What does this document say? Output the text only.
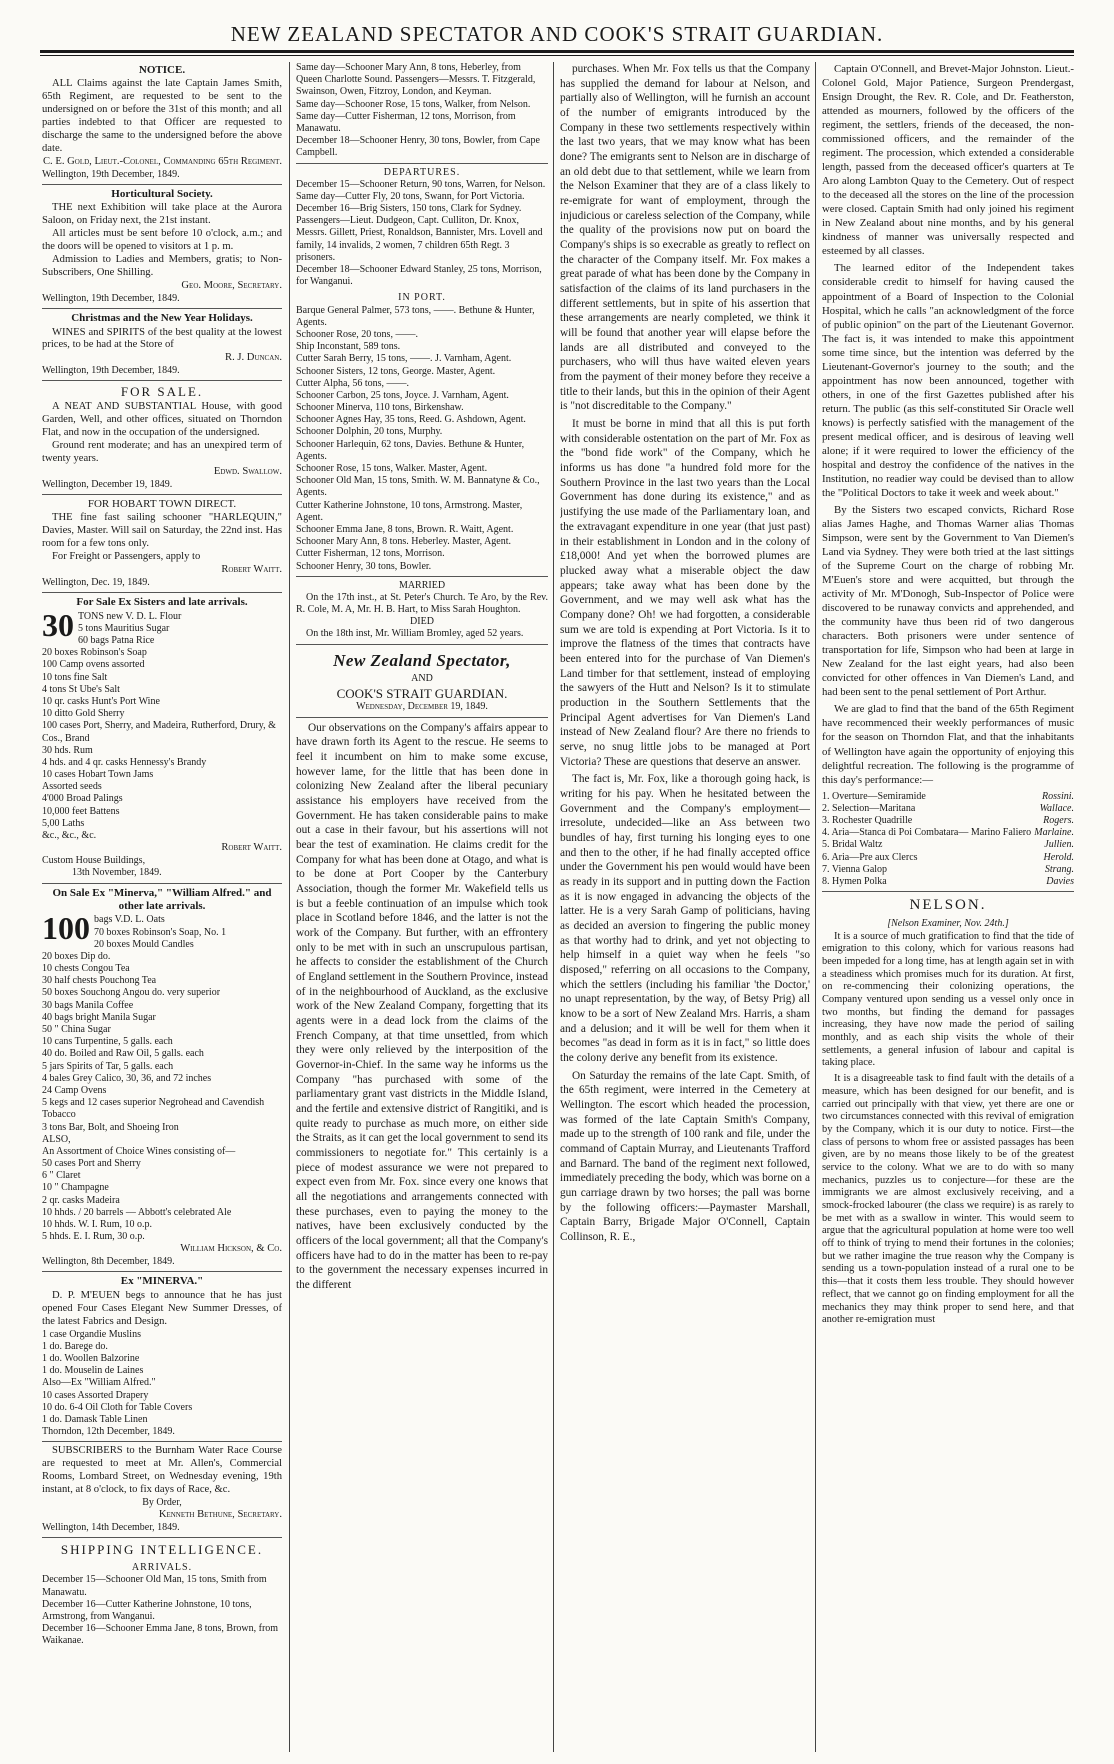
NEW ZEALAND SPECTATOR AND COOK'S STRAIT GUARDIAN.
NOTICE.

ALL Claims against the late Captain James Smith, 65th Regiment, are requested to be sent to the undersigned on or before the 31st of this month; and all parties indebted to that Officer are requested to discharge the same to the undersigned before the above date.

C. E. Gold, Lieut.-Colonel, Commanding 65th Regiment.
Wellington, 19th December, 1849.
Horticultural Society.

THE next Exhibition will take place at the Aurora Saloon, on Friday next, the 21st instant.

All articles must be sent before 10 o'clock, a.m.; and the doors will be opened to visitors at 1 p. m.

Admission to Ladies and Members, gratis; to Non-Subscribers, One Shilling.

Geo. Moore, Secretary.
Wellington, 19th December, 1849.
Christmas and the New Year Holidays.

WINES and SPIRITS of the best quality at the lowest prices, to be had at the Store of

R. J. Duncan.
Wellington, 19th December, 1849.
FOR SALE.

A NEAT AND SUBSTANTIAL House, with good Garden, Well, and other offices, situated on Thorndon Flat, and now in the occupation of the undersigned.

Ground rent moderate; and has an unexpired term of twenty years.

Edwd. Swallow.
Wellington, December 19, 1849.
FOR HOBART TOWN DIRECT.

THE fine fast sailing schooner "HARLEQUIN," Davies, Master. Will sail on Saturday, the 22nd inst. Has room for a few tons only.

For Freight or Passengers, apply to

Robert Waitt.
Wellington, Dec. 19, 1849.
For Sale Ex Sisters and late arrivals.
30 TONS new V. D. L. Flour
5 tons Mauritius Sugar
60 bags Patna Rice
20 boxes Robinson's Soap
100 Camp ovens assorted
10 tons fine Salt
4 tons St Ube's Salt
10 qr. casks Hunt's Port Wine
10 ditto Gold Sherry
100 cases Port, Sherry, and Madeira, Rutherford, Drury, & Cos., Brand
30 hds. Rum
4 hds. and 4 qr. casks Hennessy's Brandy
10 cases Hobart Town Jams
Assorted seeds
4'000 Broad Palings
10,000 feet Battens
5,00 Laths
&c., &c., &c.
Robert Waitt.
Custom House Buildings,
13th November, 1849.
On Sale Ex "Minerva," "William Alfred." and other late arrivals.
100 bags V.D. L. Oats
70 boxes Robinson's Soap, No. 1
20 boxes Mould Candles
20 boxes Dip do.
10 chests Congou Tea
30 half chests Pouchong Tea
50 boxes Souchong Angou do. very superior
30 bags Manila Coffee
40 bags bright Manila Sugar
50 " China Sugar
10 cans Turpentine, 5 galls. each
40 do. Boiled and Raw Oil, 5 galls. each
5 jars Spirits of Tar, 5 galls. each
4 bales Grey Calico, 30, 36, and 72 inches
24 Camp Ovens
5 kegs and 12 cases superior Negrohead and Cavendish Tobacco
3 tons Bar, Bolt, and Shoeing Iron
ALSO,
An Assortment of Choice Wines consisting of—
50 cases Port and Sherry
6 " Claret
10 " Champagne
2 qr. casks Madeira
10 hhds. / 20 barrels — Abbott's celebrated Ale
10 hhds. W. I. Rum, 10 o.p.
5 hhds. E. I. Rum, 30 o.p.
William Hickson, & Co.
Wellington, 8th December, 1849.
Ex "MINERVA."

D. P. M'EUEN begs to announce that he has just opened Four Cases Elegant New Summer Dresses, of the latest Fabrics and Design.

1 case Organdie Muslins
1 do. Barege do.
1 do. Woollen Balzorine
1 do. Mouselin de Laines
Also—Ex "William Alfred."
10 cases Assorted Drapery
10 do. 6-4 Oil Cloth for Table Covers
1 do. Damask Table Linen
Thorndon, 12th December, 1849.

SUBSCRIBERS to the Burnham Water Race Course are requested to meet at Mr. Allen's, Commercial Rooms, Lombard Street, on Wednesday evening, 19th instant, at 8 o'clock, to fix days of Race, &c.

By Order,
Kenneth Bethune, Secretary.
Wellington, 14th December, 1849.
SHIPPING INTELLIGENCE.
ARRIVALS.
December 15—Schooner Old Man, 15 tons, Smith from Manawatu.
December 16—Cutter Katherine Johnstone, 10 tons, Armstrong, from Wanganui.
December 16—Schooner Emma Jane, 8 tons, Brown, from Waikanae.
Same day—Schooner Mary Ann, 8 tons, Heberley, from Queen Charlotte Sound. Passengers—Messrs. T. Fitzgerald, Swainson, Owen, Fitzroy, London, and Keyman.
Same day—Schooner Rose, 15 tons, Walker, from Nelson.
Same day—Cutter Fisherman, 12 tons, Morrison, from Manawatu.
December 18—Schooner Henry, 30 tons, Bowler, from Cape Campbell.
DEPARTURES.
December 15—Schooner Return, 90 tons, Warren, for Nelson.
Same day—Cutter Fly, 20 tons, Swann, for Port Victoria.
December 16—Brig Sisters, 150 tons, Clark for Sydney. Passengers—Lieut. Dudgeon, Capt. Culliton, Dr. Knox, Messrs. Gillett, Priest, Ronaldson, Bannister, Mrs. Lovell and family, 14 invalids, 2 women, 7 children 65th Regt. 3 prisoners.
December 18—Schooner Edward Stanley, 25 tons, Morrison, for Wanganui.
IN PORT.
Barque General Palmer, 573 tons, ——. Bethune & Hunter, Agents.
Schooner Rose, 20 tons, ——.
Ship Inconstant, 589 tons.
Cutter Sarah Berry, 15 tons, ——. J. Varnham, Agent.
Schooner Sisters, 12 tons, George. Master, Agent.
Cutter Alpha, 56 tons, ——.
Schooner Carbon, 25 tons, Joyce. J. Varnham, Agent.
Schooner Minerva, 110 tons, Birkenshaw.
Schooner Agnes Hay, 35 tons, Reed. G. Ashdown, Agent.
Schooner Dolphin, 20 tons, Murphy.
Schooner Harlequin, 62 tons, Davies. Bethune & Hunter, Agents.
Schooner Rose, 15 tons, Walker. Master, Agent.
Schooner Old Man, 15 tons, Smith. W. M. Bannatyne & Co., Agents.
Cutter Katherine Johnstone, 10 tons, Armstrong. Master, Agent.
Schooner Emma Jane, 8 tons, Brown. R. Waitt, Agent.
Schooner Mary Ann, 8 tons. Heberley. Master, Agent.
Cutter Fisherman, 12 tons, Morrison.
Schooner Henry, 30 tons, Bowler.
MARRIED

On the 17th inst., at St. Peter's Church. Te Aro, by the Rev. R. Cole, M. A, Mr. H. B. Hart, to Miss Sarah Houghton.

DIED

On the 18th inst, Mr. William Bromley, aged 52 years.

New Zealand Spectator,
AND
COOK'S STRAIT GUARDIAN.
Wednesday, December 19, 1849.

Our observations on the Company's affairs appear to have drawn forth its Agent to the rescue. He seems to feel it incumbent on him to make some excuse, however lame, for the little that has been done in colonizing New Zealand after the liberal pecuniary assistance his employers have received from the Government. He has taken considerable pains to make out a case in their favour, but his assertions will not bear the test of examination. He claims credit for the Company for what has been done at Otago, and what is to be done at Port Cooper by the Canterbury Association, though the former Mr. Wakefield tells us is but a feeble continuation of an impulse which took place in Scotland before 1846, and the latter is not the work of the Company. But further, with an effrontery only to be met with in such an unscrupulous partisan, he affects to consider the establishment of the Church of England settlement in the Southern Province, instead of in the neighbourhood of Auckland, as the exclusive work of the New Zealand Company, forgetting that its agents were in a dead lock from the claims of the French Company, at that time unsettled, from which they were only relieved by the interposition of the Governor-in-Chief. In the same way he informs us the Company "has purchased with some of the parliamentary grant vast districts in the Middle Island, and the fertile and extensive district of Rangitiki, and is quite ready to purchase as much more, on either side the Straits, as it can get the local government to send its commissioners to negotiate for." This certainly is a piece of modest assurance we were not prepared to expect even from Mr. Fox. since every one knows that all the negotiations and arrangements connected with these purchases, even to paying the money to the natives, have been exclusively conducted by the officers of the local government; all that the Company's officers have had to do in the matter has been to re-pay to the government the necessary expenses incurred in the different

purchases. When Mr. Fox tells us that the Company has supplied the demand for labour at Nelson, and partially also of Wellington, will he furnish an account of the number of emigrants introduced by the Company in these two settlements respectively within the last two years, that we may know what has been done? The emigrants sent to Nelson are in discharge of an old debt due to that settlement, while we learn from the Nelson Examiner that they are of a class likely to re-emigrate for want of employment, through the injudicious or careless selection of the Company, while the quality of the provisions now put on board the Company's ships is so execrable as greatly to reflect on the character of the Company itself. Mr. Fox makes a great parade of what has been done by the Company in satisfaction of the claims of its land purchasers in the different settlements, but in spite of his assertion that these arrangements are nearly completed, we think it will be found that another year will elapse before the lands are all distributed and conveyed to the purchasers, who will thus have waited eleven years from the payment of their money before they receive a title to their lands, but this in the opinion of their Agent is "not discreditable to the Company."

It must be borne in mind that all this is put forth with considerable ostentation on the part of Mr. Fox as the "bond fide work" of the Company, which he informs us has done "a hundred fold more for the Southern Province in the last two years than the Local Government has done during its existence," and as justifying the use made of the Parliamentary loan, and the extravagant expenditure in one year (that just past) in their establishment in London and in the colony of £18,000! And yet when the borrowed plumes are plucked away what a miserable object the daw appears; take away what has been done by the Government, and we may well ask what has the Company done? Oh! we had forgotten, a considerable sum we are told is expending at Port Victoria. Is it to improve the flatness of the times that contracts have been entered into for the purchase of Van Diemen's Land timber for that settlement, instead of employing the sawyers of the Hutt and Nelson? Is it to stimulate production in the Southern Settlements that the Principal Agent advertises for Van Diemen's Land instead of New Zealand flour? Are there no friends to serve, no snug little jobs to be managed at Port Victoria? These are questions that deserve an answer.

The fact is, Mr. Fox, like a thorough going hack, is writing for his pay. When he hesitated between the Government and the Company's employment—irresolute, undecided—like an Ass between two bundles of hay, first turning his longing eyes to one and then to the other, if he had finally accepted office under the Government his pen would would have been as ready in its support and in putting down the Faction as it is now engaged in advancing the objects of the latter. He is a very Sarah Gamp of politicians, having as decided an aversion to fingering the public money as that worthy had to drink, and yet not objecting to help himself in a quiet way when he feels "so disposed," referring on all occasions to the Company, which the settlers (including his familiar 'the Doctor,' no unapt representation, by the way, of Betsy Prig) all know to be a sort of New Zealand Mrs. Harris, a sham and a delusion; and it will be well for them when it becomes "as dead in form as it is in fact," so little does the colony derive any benefit from its existence.

On Saturday the remains of the late Capt. Smith, of the 65th regiment, were interred in the Cemetery at Wellington. The escort which headed the procession, was formed of the late Captain Smith's Company, made up to the strength of 100 rank and file, under the command of Captain Murray, and Lieutenants Trafford and Barnard. The band of the regiment next followed, immediately preceding the body, which was borne on a gun carriage drawn by two horses; the pall was borne by the following officers:—Paymaster Marshall, Captain Barry, Brigade Major O'Connell, Captain Collinson, R. E.,

Captain O'Connell, and Brevet-Major Johnston. Lieut.-Colonel Gold, Major Patience, Surgeon Prendergast, Ensign Drought, the Rev. R. Cole, and Dr. Featherston, attended as mourners, followed by the officers of the regiment, the settlers, friends of the deceased, the non-commissioned officers, and the remainder of the regiment. The procession, which extended a considerable length, passed from the deceased officer's quarters at Te Aro along Lambton Quay to the Cemetery. Out of respect to the deceased all the stores on the line of the procession were closed. Captain Smith had only joined his regiment in New Zealand about nine months, and by his general kindness of manner was universally respected and esteemed by all classes.

The learned editor of the Independent takes considerable credit to himself for having caused the appointment of a Board of Inspection to the Colonial Hospital, which he calls "an acknowledgment of the force of public opinion" on the part of the Lieutenant Governor. The fact is, it was intended to make this appointment some time since, but the intention was deferred by the Lieutenant-Governor's journey to the south; and the appointment has now been announced, together with others, in one of the first Gazettes published after his return. The public (as this self-constituted Sir Oracle well knows) is perfectly satisfied with the management of the present medical officer, and is desirous of leaving well alone; if it were required to lower the efficiency of the hospital and destroy the confidence of the natives in the Institution, no readier way could be devised than to allow the "Political Doctors to take it week and week about."

By the Sisters two escaped convicts, Richard Rose alias James Haghe, and Thomas Warner alias Thomas Simpson, were sent by the Government to Van Diemen's Land via Sydney. They were both tried at the last sittings of the Supreme Court on the charge of robbing Mr. M'Euen's store and were acquitted, but through the activity of Mr. M'Donogh, Sub-Inspector of Police were discovered to be runaway convicts and apprehended, and the community have thus been rid of two dangerous characters. Both prisoners were under sentence of transportation for life, Simpson who had been at large in New Zealand for the last eight years, had also been convicted for other offences in Van Diemen's Land, and had been sent to the penal settlement of Port Arthur.

We are glad to find that the band of the 65th Regiment have recommenced their weekly performances of music for the season on Thorndon Flat, and that the inhabitants of Wellington have again the opportunity of enjoying this delightful recreation. The following is the programme of this day's performance:—

1. Overture—Semiramide	Rossini.
2. Selection—Maritana	Wallace.
3. Rochester Quadrille	Rogers.
4. Aria—Stanca di Poi Combatara— Marino Faliero Marlaine.
5. Bridal Waltz	Jullien.
6. Aria—Pre aux Clercs	Herold.
7. Vienna Galop	Strang.
8. Hymen Polka	Davies
NELSON.
[Nelson Examiner, Nov. 24th.]

It is a source of much gratification to find that the tide of emigration to this colony, which for various reasons had been impeded for a long time, has at length again set in with a steadiness which promises much for its duration. At first, on re-commencing their colonizing operations, the Company ventured upon sending us a vessel only once in two months, but finding the demand for passages increasing, they have now made the period of sailing monthly, and as each ship visits the whole of their settlements, a general infusion of labour and capital is taking place.

It is a disagreeable task to find fault with the details of a measure, which has been designed for our benefit, and is carried out principally with that view, yet there are one or two circumstances connected with this revival of emigration by the Company, which it is our duty to notice. First—the class of persons to whom free or assisted passages has been given, are by no means those likely to be of the greatest service to the colony. What we are to do with so many mechanics, puzzles us to conjecture—for these are the immigrants we are almost exclusively receiving, and a smock-frocked labourer (the class we require) is as rarely to be met with as a swallow in winter. This would seem to argue that the agricultural population at home were too well off to think of trying to mend their fortunes in the colonies; but we rather imagine the true reason why the Company is sending us a town-population instead of a rural one to be this—that it costs them less trouble. They should however reflect, that we cannot go on finding employment for all the mechanics they may think proper to send here, and that another re-emigration must
